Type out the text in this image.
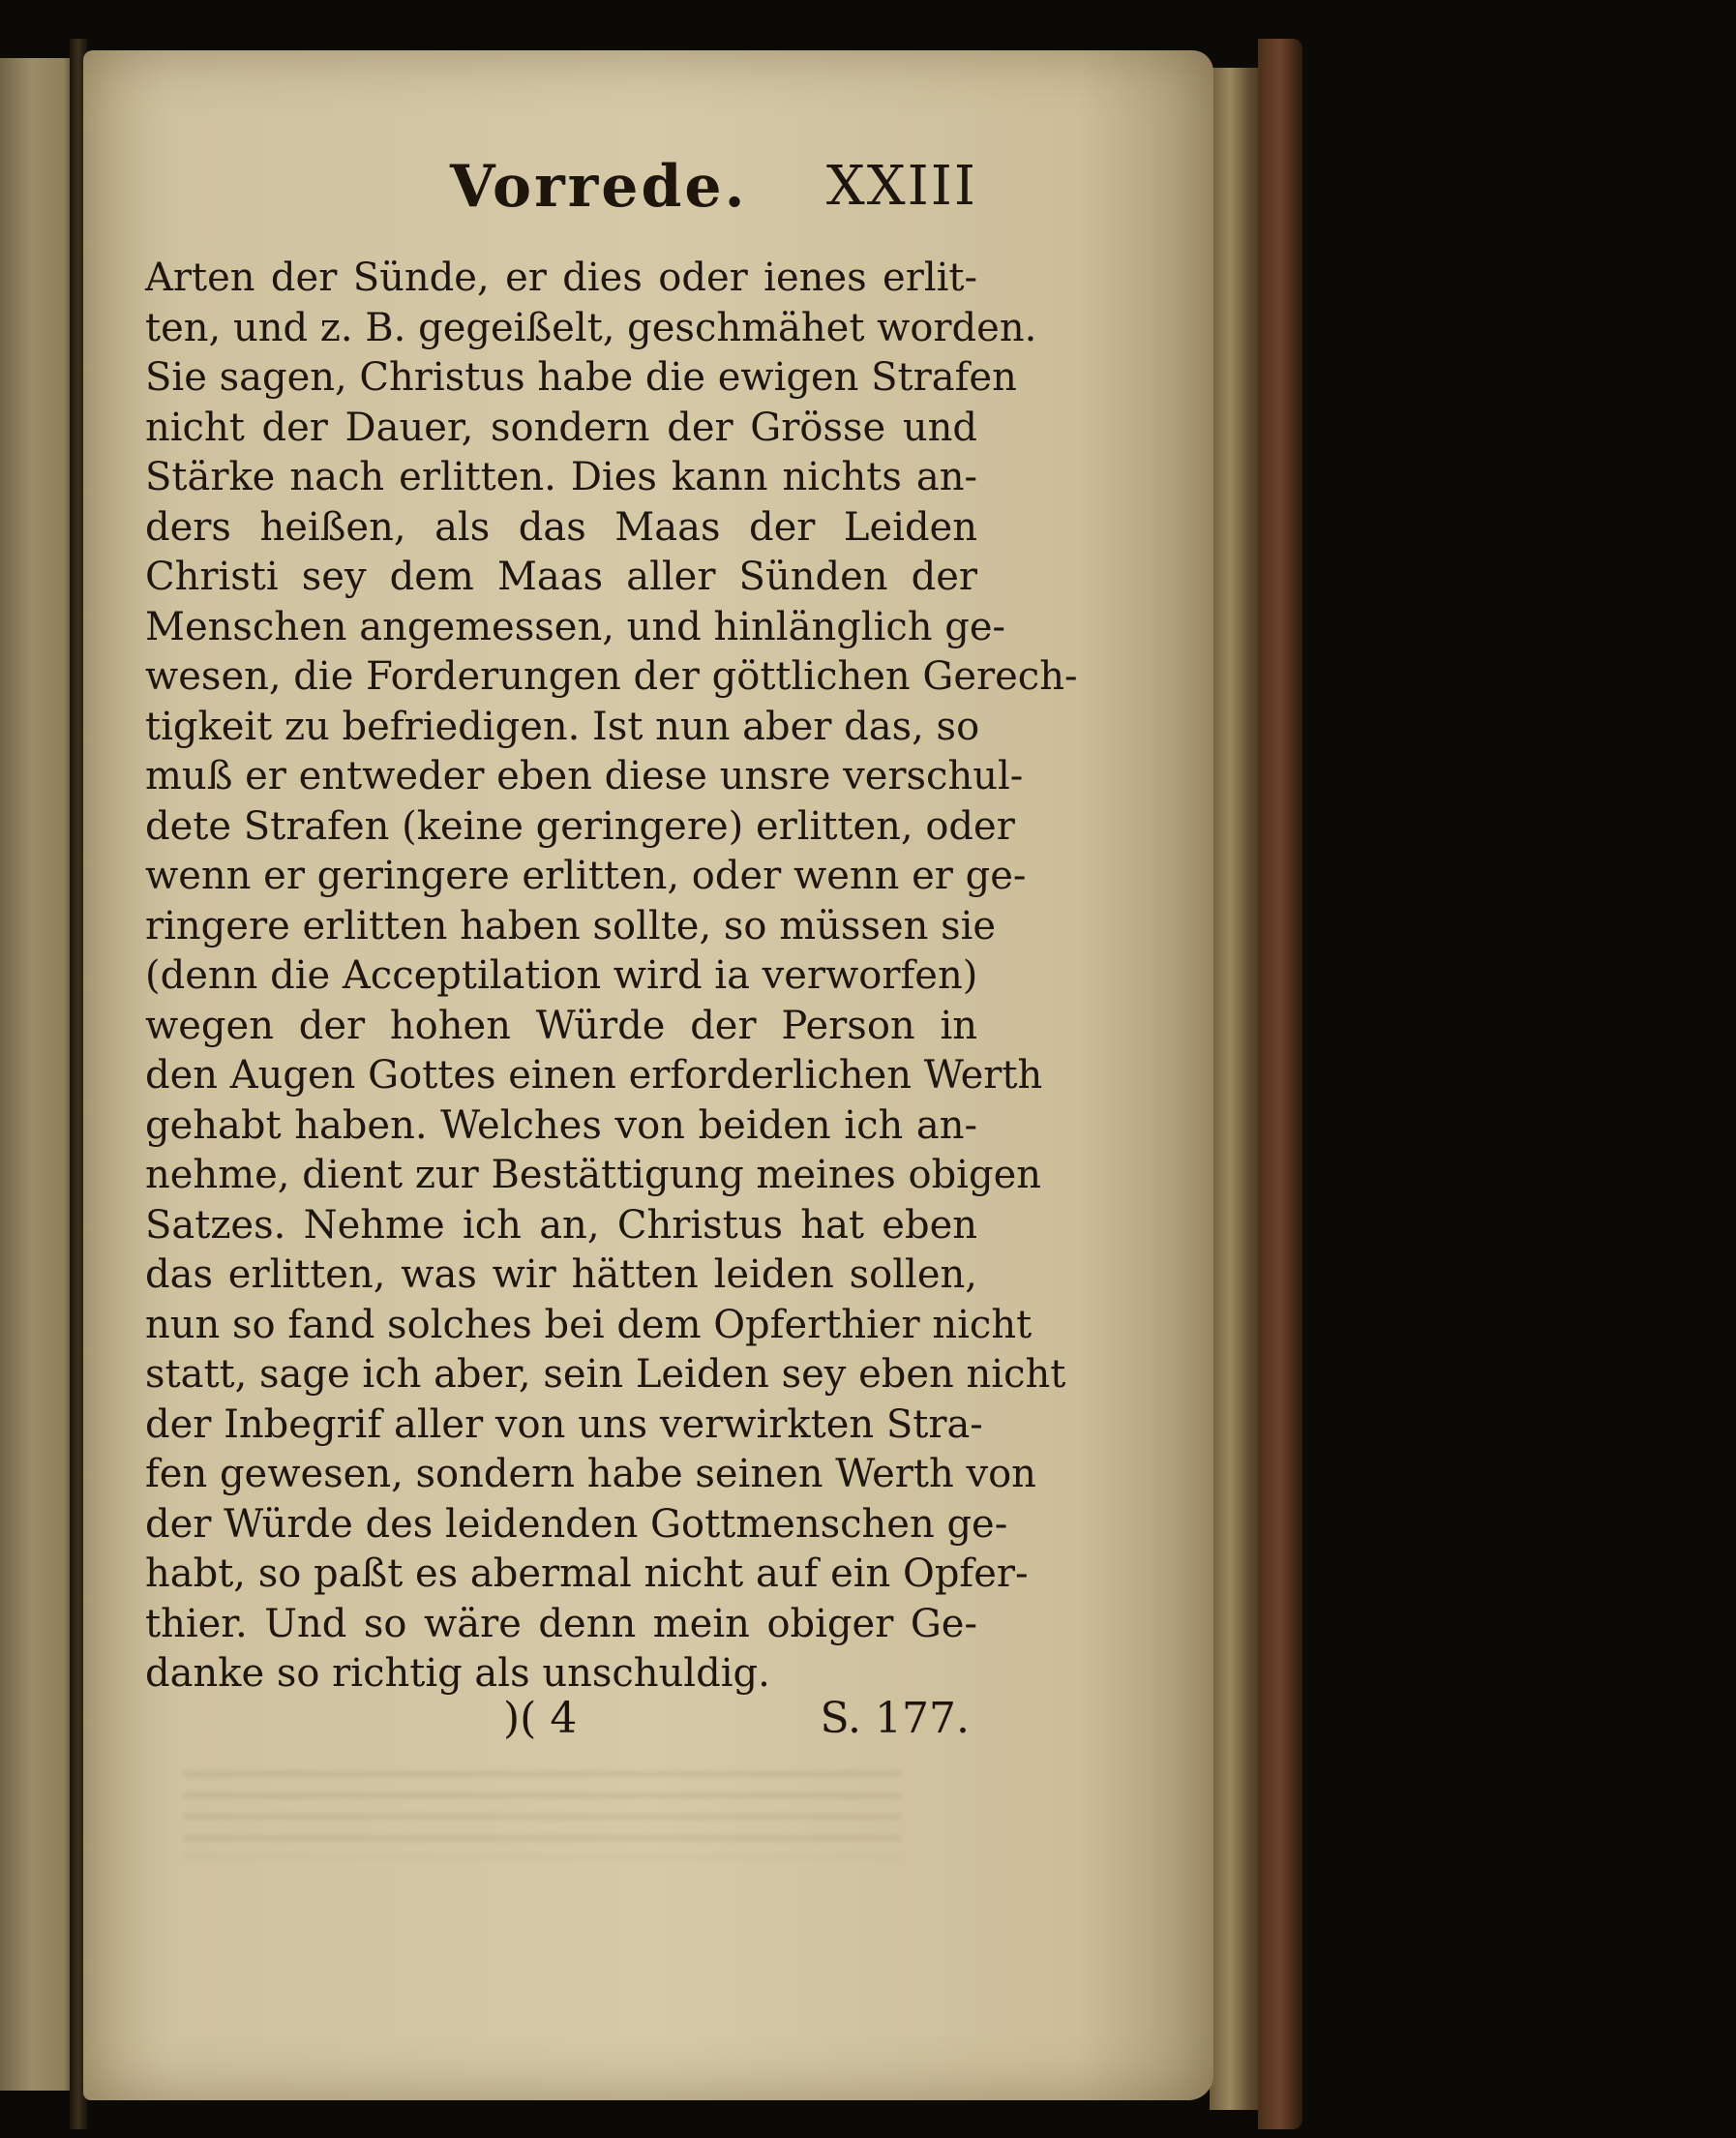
Vorrede. XXIII
Arten der Sünde, er dies oder ienes erlit-
ten, und z. B. gegeißelt, geschmähet worden.
Sie sagen, Christus habe die ewigen Strafen
nicht der Dauer, sondern der Grösse und
Stärke nach erlitten. Dies kann nichts an-
ders heißen, als das Maas der Leiden
Christi sey dem Maas aller Sünden der
Menschen angemessen, und hinlänglich ge-
wesen, die Forderungen der göttlichen Gerech-
tigkeit zu befriedigen. Ist nun aber das, so
muß er entweder eben diese unsre verschul-
dete Strafen (keine geringere) erlitten, oder
wenn er geringere erlitten, oder wenn er ge-
ringere erlitten haben sollte, so müssen sie
(denn die Acceptilation wird ia verworfen)
wegen der hohen Würde der Person in
den Augen Gottes einen erforderlichen Werth
gehabt haben. Welches von beiden ich an-
nehme, dient zur Bestättigung meines obigen
Satzes. Nehme ich an, Christus hat eben
das erlitten, was wir hätten leiden sollen,
nun so fand solches bei dem Opferthier nicht
statt, sage ich aber, sein Leiden sey eben nicht
der Inbegrif aller von uns verwirkten Stra-
fen gewesen, sondern habe seinen Werth von
der Würde des leidenden Gottmenschen ge-
habt, so paßt es abermal nicht auf ein Opfer-
thier. Und so wäre denn mein obiger Ge-
danke so richtig als unschuldig.
)( 4	S. 177.
